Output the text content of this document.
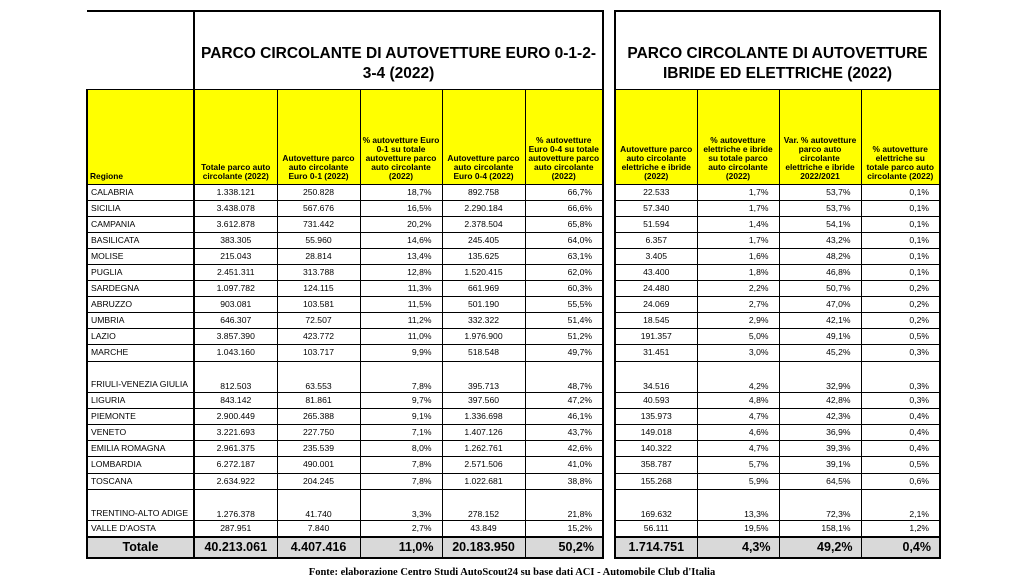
	PARCO CIRCOLANTE DI AUTOVETTURE EURO 0-1-2-3-4 (2022)				
Regione	Totale parco auto circolante (2022)	Autovetture parco auto circolante Euro 0-1 (2022)	% autovetture Euro 0-1 su totale autovetture parco auto circolante (2022)	Autovetture parco auto circolante Euro 0-4 (2022)	% autovetture Euro 0-4 su totale autovetture parco auto circolante (2022)
CALABRIA	1.338.121	250.828	18,7%	892.758	66,7%
SICILIA	3.438.078	567.676	16,5%	2.290.184	66,6%
CAMPANIA	3.612.878	731.442	20,2%	2.378.504	65,8%
BASILICATA	383.305	55.960	14,6%	245.405	64,0%
MOLISE	215.043	28.814	13,4%	135.625	63,1%
PUGLIA	2.451.311	313.788	12,8%	1.520.415	62,0%
SARDEGNA	1.097.782	124.115	11,3%	661.969	60,3%
ABRUZZO	903.081	103.581	11,5%	501.190	55,5%
UMBRIA	646.307	72.507	11,2%	332.322	51,4%
LAZIO	3.857.390	423.772	11,0%	1.976.900	51,2%
MARCHE	1.043.160	103.717	9,9%	518.548	49,7%
FRIULI-VENEZIA GIULIA	812.503	63.553	7,8%	395.713	48,7%
LIGURIA	843.142	81.861	9,7%	397.560	47,2%
PIEMONTE	2.900.449	265.388	9,1%	1.336.698	46,1%
VENETO	3.221.693	227.750	7,1%	1.407.126	43,7%
EMILIA ROMAGNA	2.961.375	235.539	8,0%	1.262.761	42,6%
LOMBARDIA	6.272.187	490.001	7,8%	2.571.506	41,0%
TOSCANA	2.634.922	204.245	7,8%	1.022.681	38,8%
TRENTINO-ALTO ADIGE	1.276.378	41.740	3,3%	278.152	21,8%
VALLE D'AOSTA	287.951	7.840	2,7%	43.849	15,2%
Totale	40.213.061	4.407.416	11,0%	20.183.950	50,2%
PARCO CIRCOLANTE DI AUTOVETTURE IBRIDE ED ELETTRICHE (2022)			
Autovetture parco auto circolante elettriche e ibride (2022)	% autovetture elettriche e ibride su totale parco auto circolante (2022)	Var. % autovetture parco auto circolante elettriche e ibride 2022/2021	% autovetture elettriche su totale parco auto circolante (2022)
22.533	1,7%	53,7%	0,1%
57.340	1,7%	53,7%	0,1%
51.594	1,4%	54,1%	0,1%
6.357	1,7%	43,2%	0,1%
3.405	1,6%	48,2%	0,1%
43.400	1,8%	46,8%	0,1%
24.480	2,2%	50,7%	0,2%
24.069	2,7%	47,0%	0,2%
18.545	2,9%	42,1%	0,2%
191.357	5,0%	49,1%	0,5%
31.451	3,0%	45,2%	0,3%
34.516	4,2%	32,9%	0,3%
40.593	4,8%	42,8%	0,3%
135.973	4,7%	42,3%	0,4%
149.018	4,6%	36,9%	0,4%
140.322	4,7%	39,3%	0,4%
358.787	5,7%	39,1%	0,5%
155.268	5,9%	64,5%	0,6%
169.632	13,3%	72,3%	2,1%
56.111	19,5%	158,1%	1,2%
1.714.751	4,3%	49,2%	0,4%
Fonte: elaborazione Centro Studi AutoScout24 su base dati ACI - Automobile Club d'Italia
